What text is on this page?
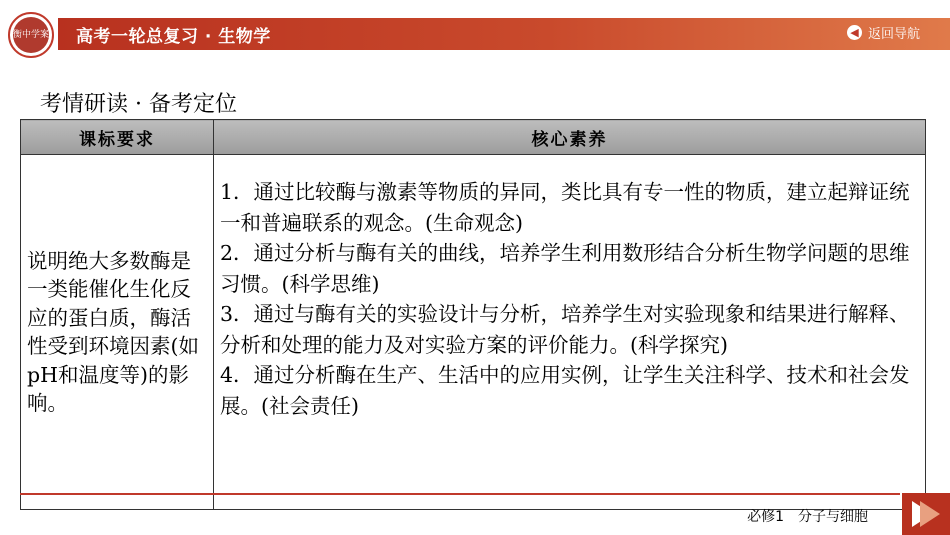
衡中学案 高考一轮总复习 · 生物学	◀ 返回导航
考情研读 · 备考定位
课标要求	核心素养
说明绝大多数酶是一类能催化生化反应的蛋白质，酶活性受到环境因素(如pH和温度等)的影响。	1．通过比较酶与激素等物质的异同，类比具有专一性的物质，建立起辩证统一和普遍联系的观念。(生命观念)
2．通过分析与酶有关的曲线，培养学生利用数形结合分析生物学问题的思维习惯。(科学思维)
3．通过与酶有关的实验设计与分析，培养学生对实验现象和结果进行解释、分析和处理的能力及对实验方案的评价能力。(科学探究)
4．通过分析酶在生产、生活中的应用实例，让学生关注科学、技术和社会发展。(社会责任)
必修1 分子与细胞
